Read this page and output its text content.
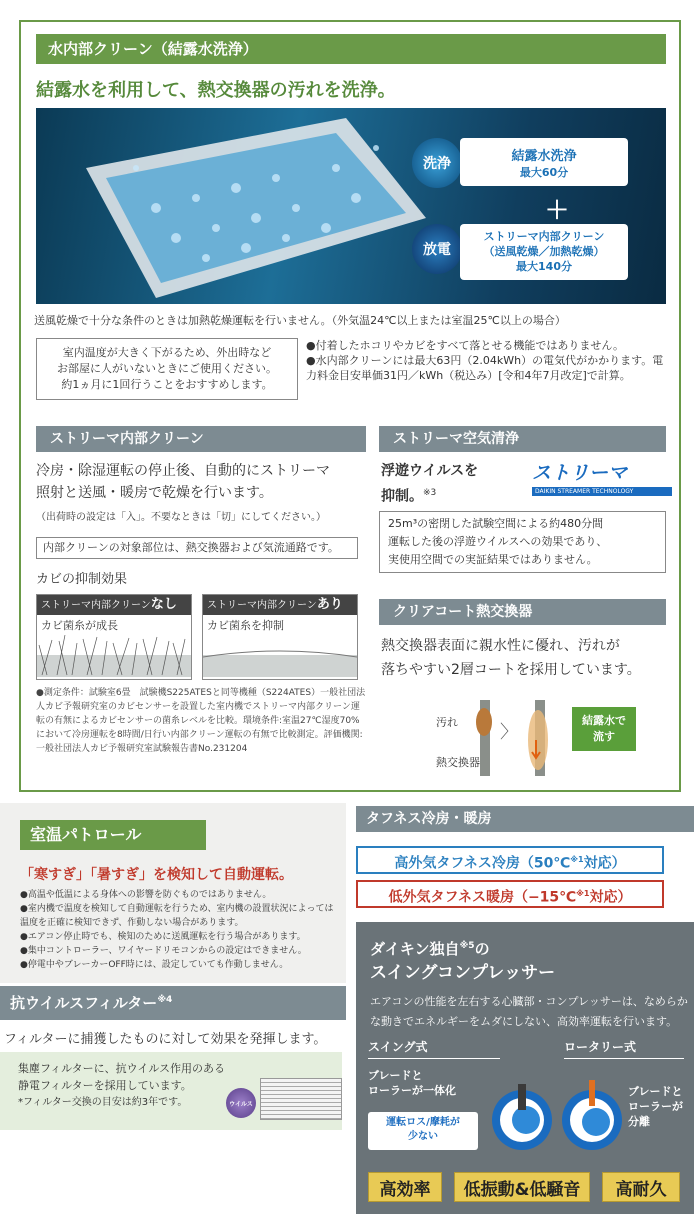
水内部クリーン（結露水洗浄）
結露水を利用して、熱交換器の汚れを洗浄。
洗浄	結露水洗浄
最大60分
＋
放電
ストリーマ内部クリーン
（送風乾燥／加熱乾燥）
最大140分
送風乾燥で十分な条件のときは加熱乾燥運転を行いません。（外気温24℃以上または室温25℃以上の場合）
室内温度が大きく下がるため、外出時など
お部屋に人がいないときにご使用ください。
約1ヵ月に1回行うことをおすすめします。
●付着したホコリやカビをすべて落とせる機能ではありません。
●水内部クリーンには最大63円（2.04kWh）の電気代がかかります。電力料金目安単価31円／kWh（税込み）[令和4年7月改定]で計算。
ストリーマ内部クリーン
冷房・除湿運転の停止後、自動的にストリーマ
照射と送風・暖房で乾燥を行います。
（出荷時の設定は「入」。不要なときは「切」にしてください。）
内部クリーンの対象部位は、熱交換器および気流通路です。
カビの抑制効果
ストリーマ内部クリーンなし
カビ菌糸が成長
ストリーマ内部クリーンあり
カビ菌糸を抑制
●測定条件：試験室6畳　試験機S225ATESと同等機種（S224ATES）一般社団法人カビ予報研究室のカビセンサーを設置した室内機でストリーマ内部クリーン運転の有無によるカビセンサーの菌糸レベルを比較。環境条件:室温27℃湿度70%　において冷房運転を8時間/日行い内部クリーン運転の有無で比較測定。評価機関:一般社団法人カビ予報研究室試験報告書No.231204
ストリーマ空気清浄
浮遊ウイルスを
抑制。$^{※3}$
ストリーマ
DAIKIN STREAMER TECHNOLOGY
25m³の密閉した試験空間による約480分間
運転した後の浮遊ウイルスへの効果であり、
実使用空間での実証結果ではありません。
クリアコート熱交換器
熱交換器表面に親水性に優れ、汚れが
落ちやすい2層コートを採用しています。
汚れ
熱交換器
〉
結露水で
流す
室温パトロール
「寒すぎ」「暑すぎ」を検知して自動運転。
●高温や低温による身体への影響を防ぐものではありません。
●室内機で温度を検知して自動運転を行うため、室内機の設置状況によっては温度を正確に検知できず、作動しない場合があります。
●エアコン停止時でも、検知のために送風運転を行う場合があります。
●集中コントローラー、ワイヤードリモコンからの設定はできません。
●停電中やブレーカーOFF時には、設定していても作動しません。
抗ウイルスフィルター$^{※4}$
フィルターに捕獲したものに対して効果を発揮します。
集塵フィルターに、抗ウイルス作用のある
静電フィルターを採用しています。
*フィルター交換の目安は約3年です。	ウイルス
タフネス冷房・暖房
高外気タフネス冷房（50℃$^{※1}$対応）
低外気タフネス暖房（−15℃$^{※1}$対応）
ダイキン独自$^{※5}$の
スイングコンプレッサー
エアコンの性能を左右する心臓部・コンプレッサーは、なめらか
な動きでエネルギーをムダにしない、高効率運転を行います。
スイング式	ロータリー式
ブレードと
ローラーが一体化
運転ロス/摩耗が
少ない
ブレードと
ローラーが
分離
高効率	低振動&低騒音	高耐久
